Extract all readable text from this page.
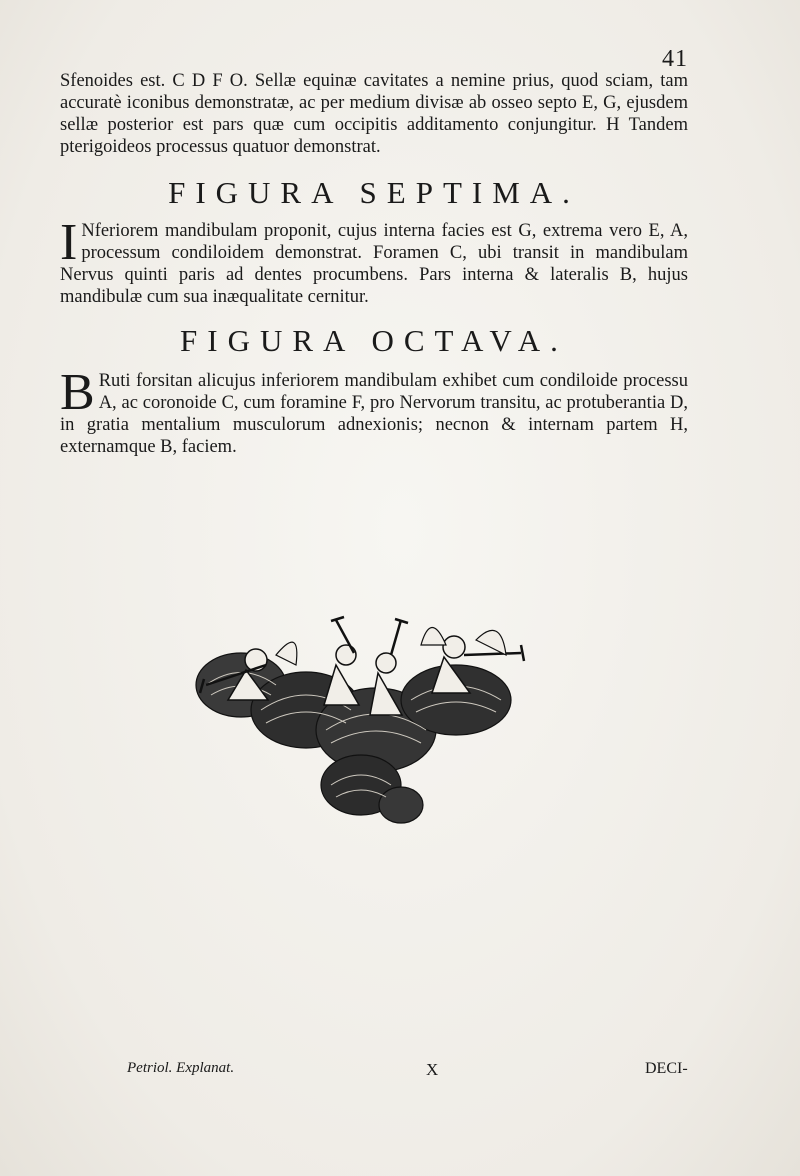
41
Sfenoides est. C D F O. Sellæ equinæ cavitates a nemine prius, quod sciam, tam accuratè iconibus demonstratæ, ac per medium divisæ ab osseo septo E, G, ejusdem sellæ posterior est pars quæ cum occipitis additamento conjungitur. H Tandem pterigoideos processus quatuor demonstrat.
FIGURA SEPTIMA.
I Nferiorem mandibulam proponit, cujus interna facies est G, extrema vero E, A, processum condiloidem demonstrat. Foramen C, ubi transit in mandibulam Nervus quinti paris ad dentes procumbens. Pars interna & lateralis B, hujus mandibulæ cum sua inæqualitate cernitur.
FIGURA OCTAVA.
B Ruti forsitan alicujus inferiorem mandibulam exhibet cum condiloide processu A, ac coronoide C, cum foramine F, pro Nervorum transitu, ac protuberantia D, in gratia mentalium musculorum adnexionis; necnon & internam partem H, externamque B, faciem.
Petriol. Explanat.	X	DECI-
